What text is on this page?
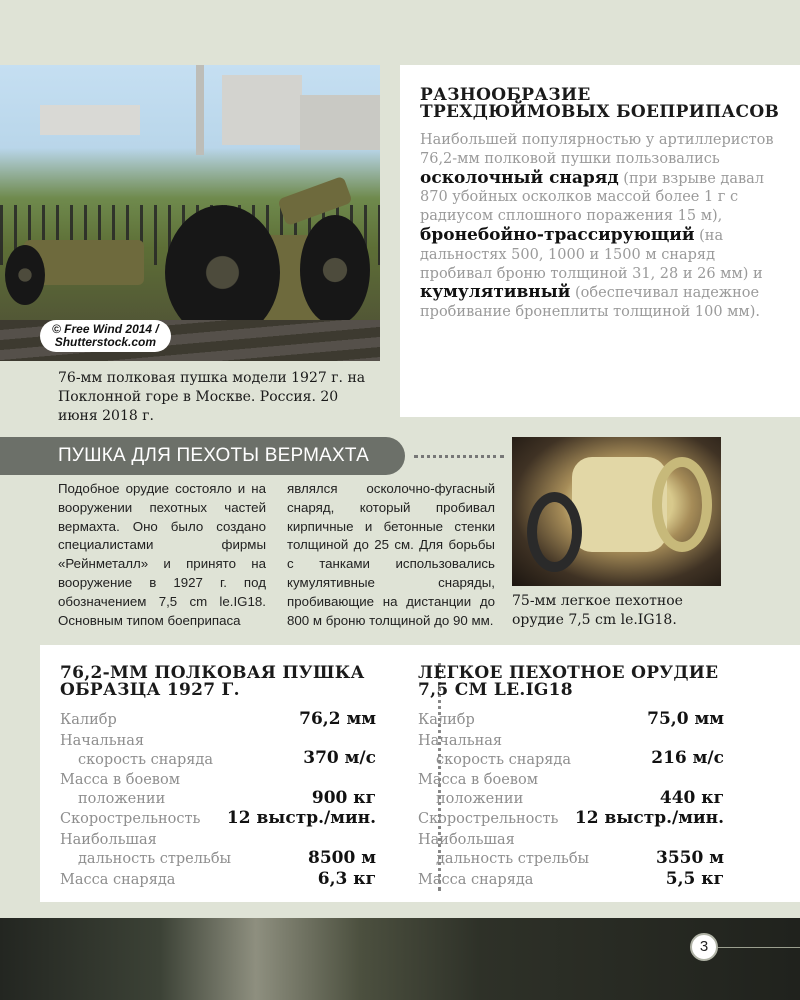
© Free Wind 2014 /
Shutterstock.com
76-мм полковая пушка модели 1927 г. на Поклонной горе в Москве. Россия. 20 июня 2018 г.
РАЗНООБРАЗИЕ ТРЕХДЮЙМОВЫХ БОЕПРИПАСОВ

Наибольшей популярностью у артиллеристов 76,2-мм полковой пушки пользовались осколочный снаряд (при взрыве давал 870 убойных осколков массой более 1 г с радиусом сплошного поражения 15 м), бронебойно-трассирующий (на дальностях 500, 1000 и 1500 м снаряд пробивал броню толщиной 31, 28 и 26 мм) и кумулятивный (обеспечивал надежное пробивание бронеплиты толщиной 100 мм).

ПУШКА ДЛЯ ПЕХОТЫ ВЕРМАХТА
Подобное орудие состояло и на вооружении пехотных частей вермахта. Оно было создано специалистами фирмы «Рейнметалл» и принято на вооружение в 1927 г. под обозначением 7,5 cm le.IG18. Основным типом боеприпаса
являлся осколочно-фугасный снаряд, который пробивал кирпичные и бетонные стенки толщиной до 25 см. Для борьбы с танками использовались кумулятивные снаряды, пробивающие на дистанции до 800 м броню толщиной до 90 мм.
75-мм легкое пехотное орудие 7,5 cm le.IG18.
76,2-ММ ПОЛКОВАЯ ПУШКА ОБРАЗЦА 1927 Г.
ЛЕГКОЕ ПЕХОТНОЕ ОРУДИЕ 7,5 CM LE.IG18
Калибр	76,2 мм
Начальная
скорость снаряда	370 м/с
Масса в боевом
положении	900 кг
Скорострельность 12 выстр./мин.
Наибольшая
дальность стрельбы	8500 м
Масса снаряда	6,3 кг
Калибр	75,0 мм
Начальная
скорость снаряда	216 м/с
Масса в боевом
положении	440 кг
Скорострельность 12 выстр./мин.
Наибольшая
дальность стрельбы	3550 м
Масса снаряда	5,5 кг
3
